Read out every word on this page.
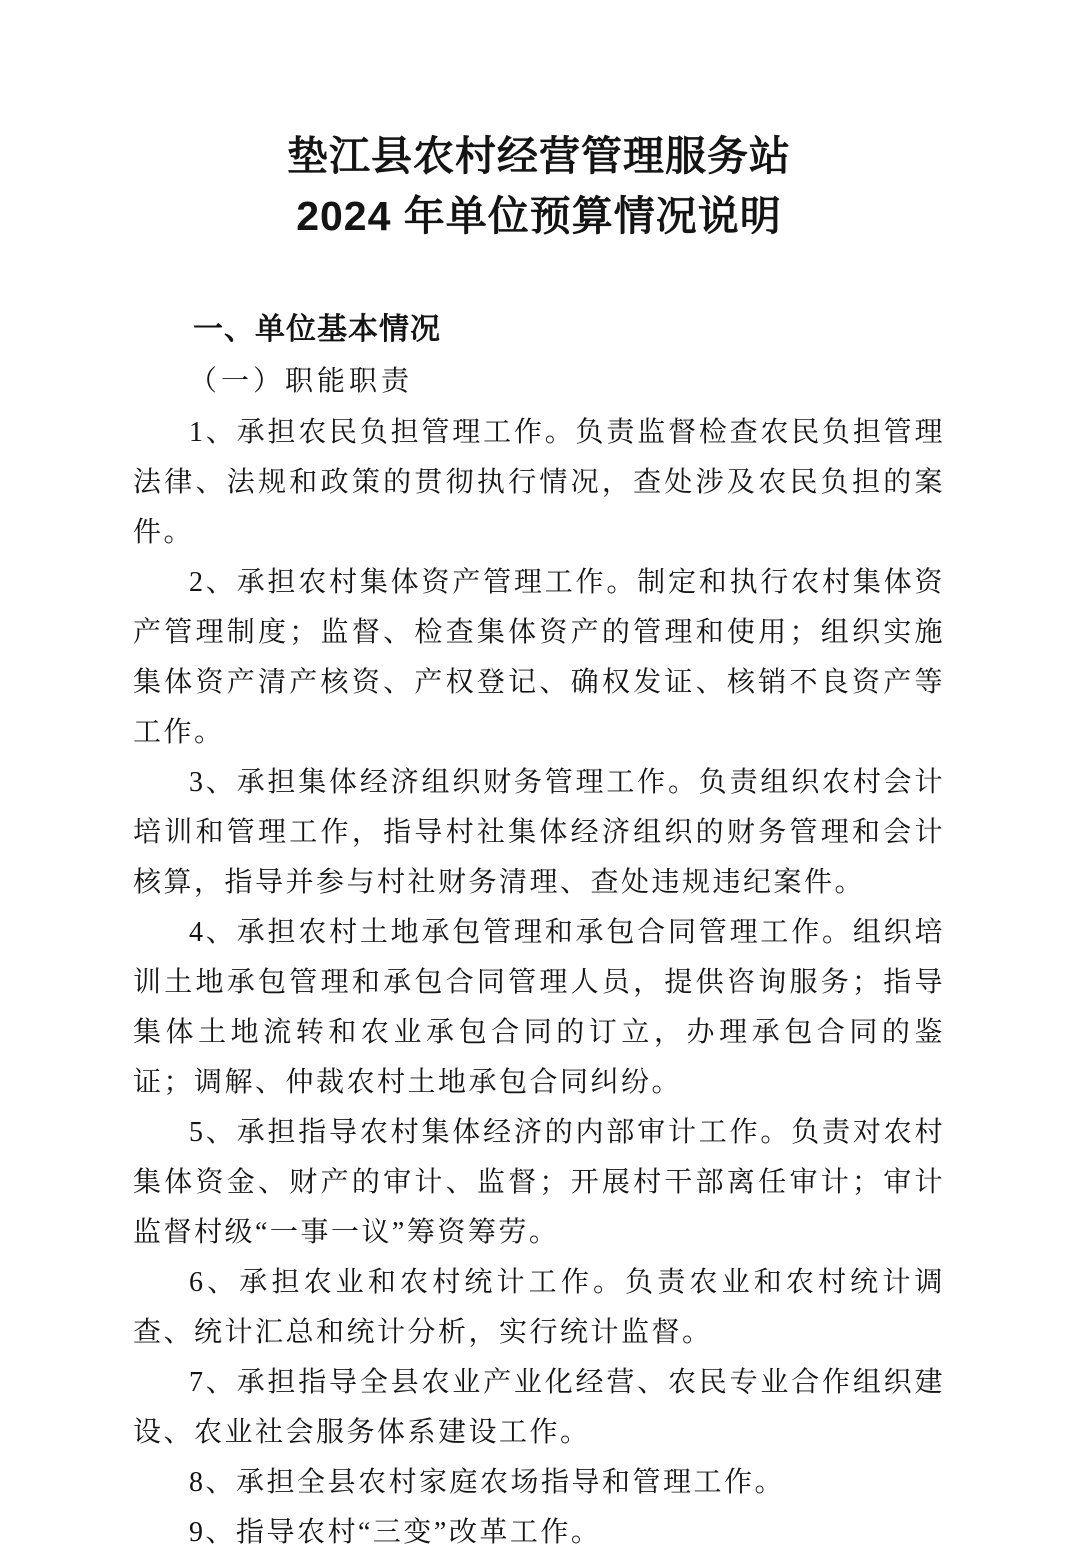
垫江县农村经营管理服务站
2024 年单位预算情况说明
一、单位基本情况
（一）职能职责

1、承担农民负担管理工作。负责监督检查农民负担管理法律、法规和政策的贯彻执行情况，查处涉及农民负担的案件。

2、承担农村集体资产管理工作。制定和执行农村集体资产管理制度；监督、检查集体资产的管理和使用；组织实施集体资产清产核资、产权登记、确权发证、核销不良资产等工作。

3、承担集体经济组织财务管理工作。负责组织农村会计培训和管理工作，指导村社集体经济组织的财务管理和会计核算，指导并参与村社财务清理、查处违规违纪案件。

4、承担农村土地承包管理和承包合同管理工作。组织培训土地承包管理和承包合同管理人员，提供咨询服务；指导集体土地流转和农业承包合同的订立，办理承包合同的鉴证；调解、仲裁农村土地承包合同纠纷。

5、承担指导农村集体经济的内部审计工作。负责对农村集体资金、财产的审计、监督；开展村干部离任审计；审计监督村级“一事一议”筹资筹劳。

6、承担农业和农村统计工作。负责农业和农村统计调查、统计汇总和统计分析，实行统计监督。

7、承担指导全县农业产业化经营、农民专业合作组织建设、农业社会服务体系建设工作。

8、承担全县农村家庭农场指导和管理工作。

9、指导农村“三变”改革工作。
